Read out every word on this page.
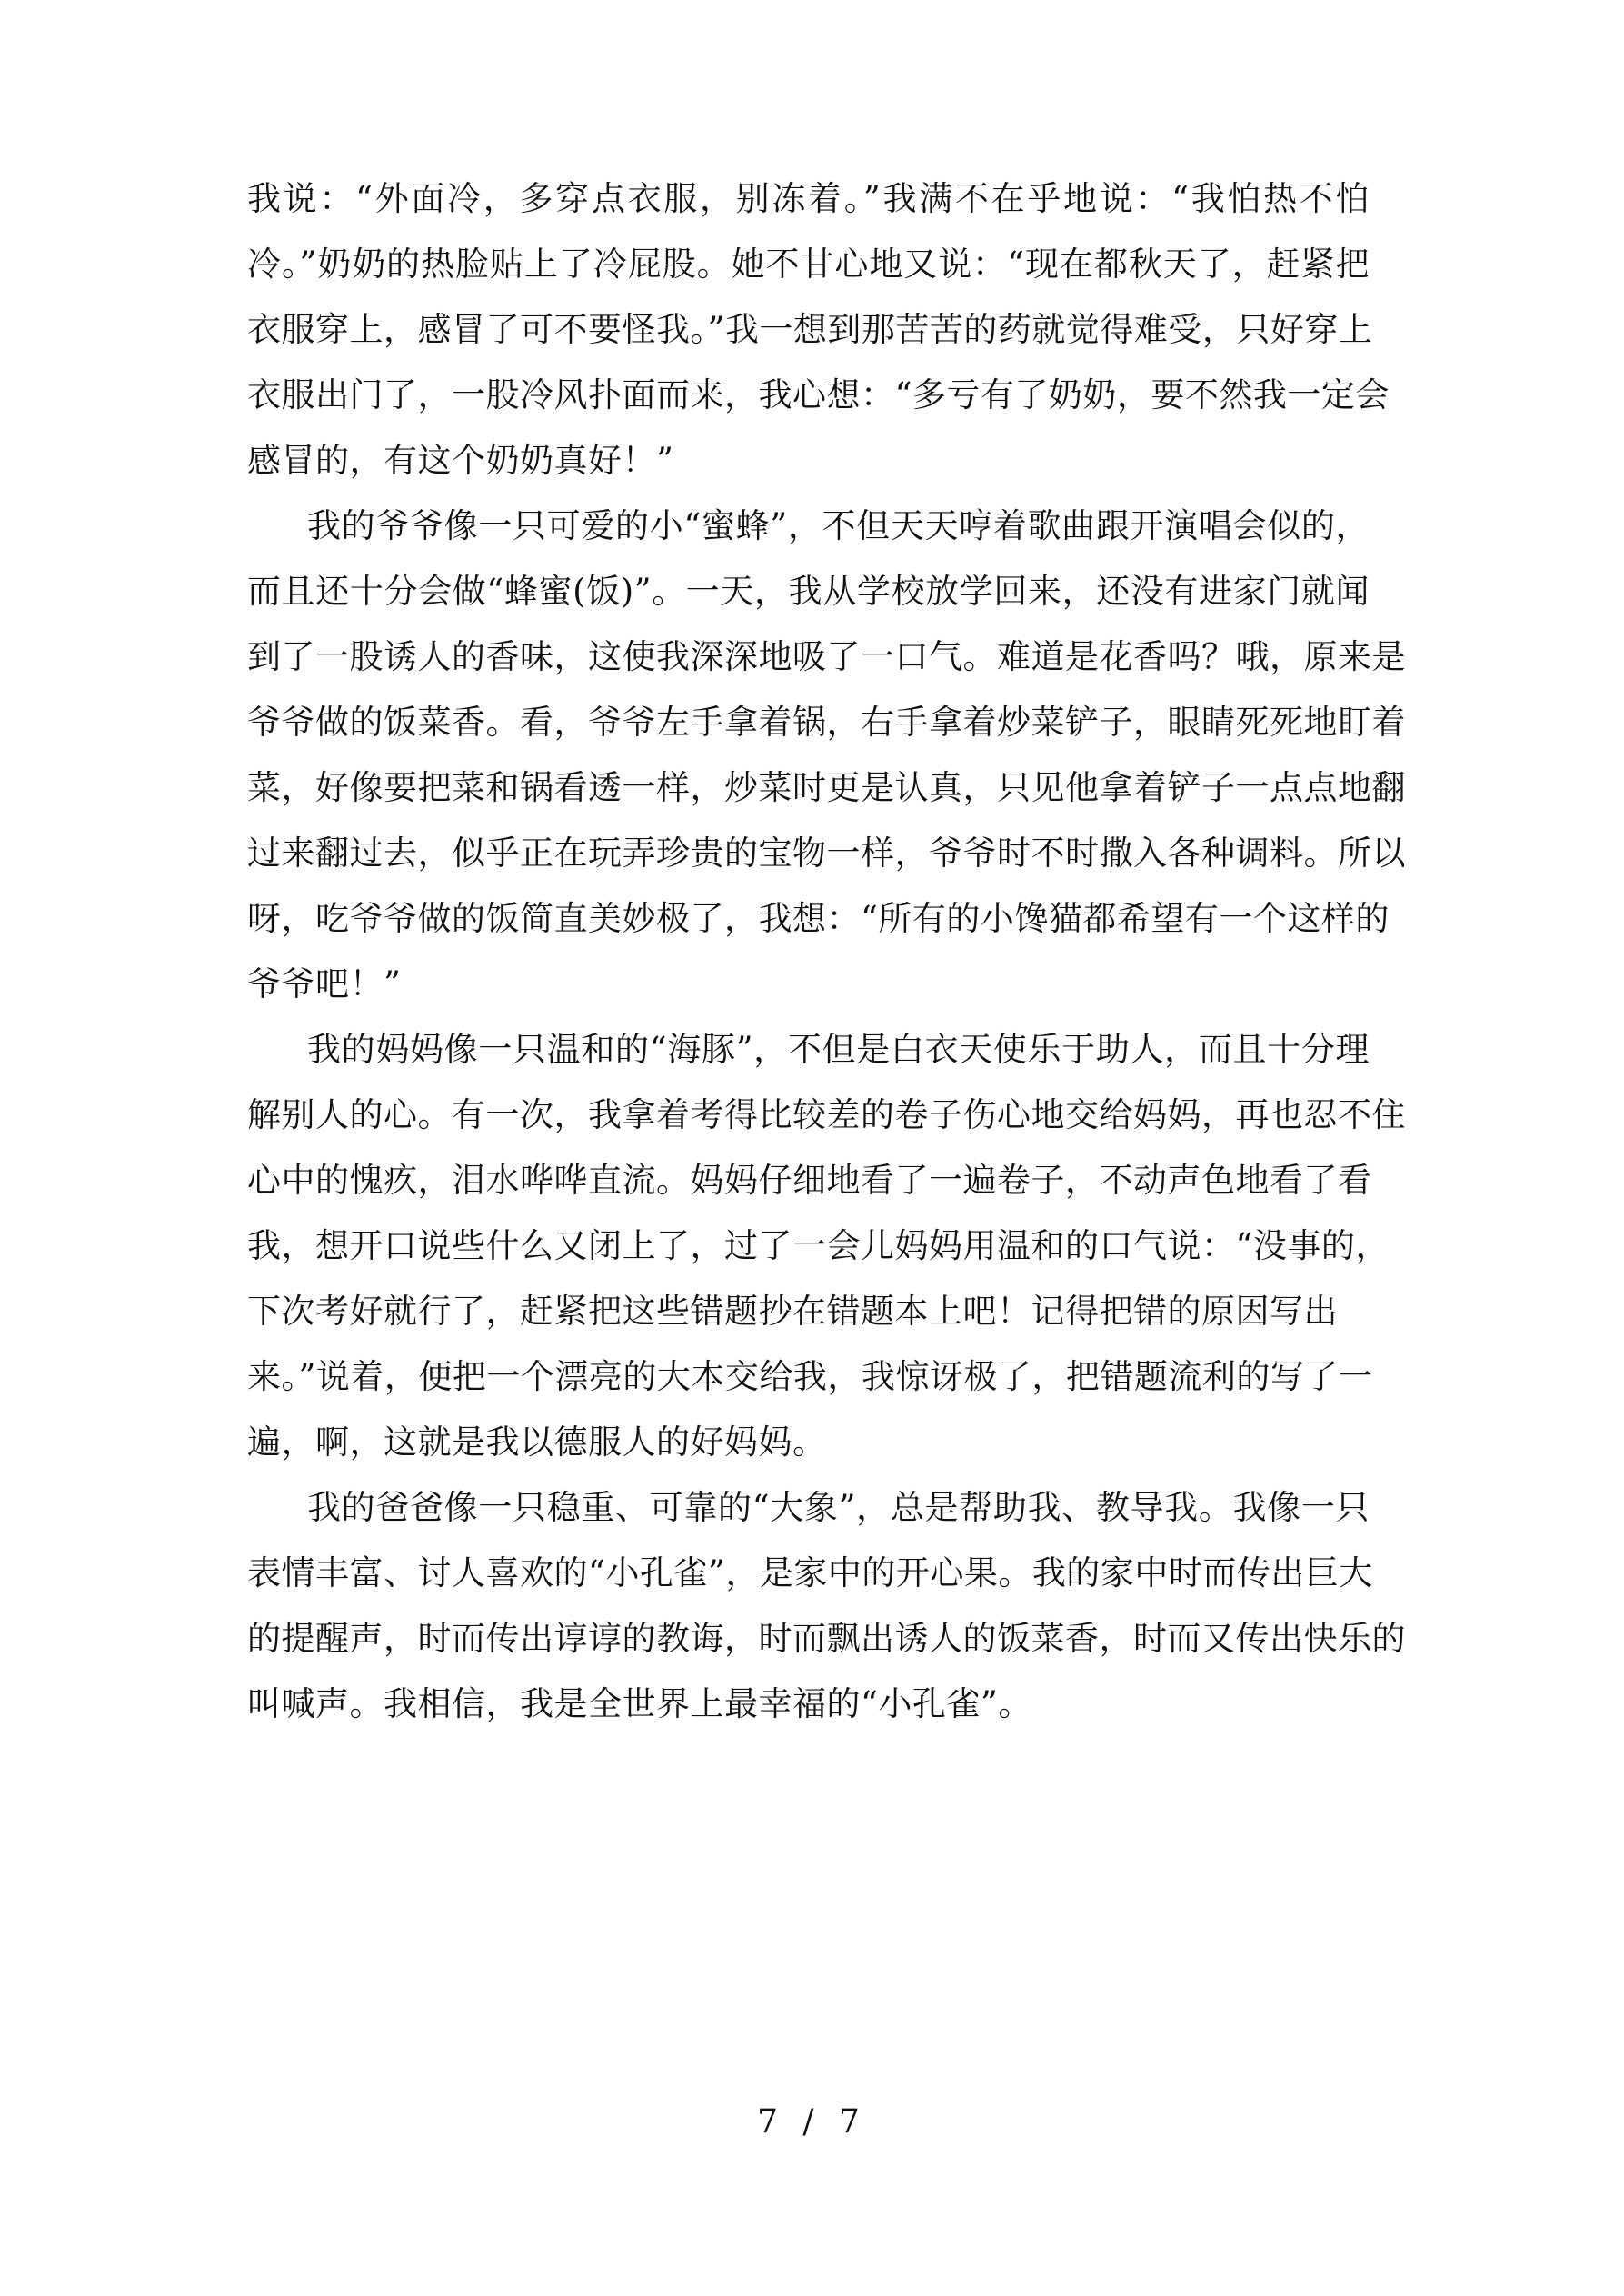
我说：“外面冷，多穿点衣服，别冻着。”我满不在乎地说：“我怕热不怕
冷。”奶奶的热脸贴上了冷屁股。她不甘心地又说：“现在都秋天了，赶紧把
衣服穿上，感冒了可不要怪我。”我一想到那苦苦的药就觉得难受，只好穿上
衣服出门了，一股冷风扑面而来，我心想：“多亏有了奶奶，要不然我一定会
感冒的，有这个奶奶真好！”
我的爷爷像一只可爱的小“蜜蜂”，不但天天哼着歌曲跟开演唱会似的，
而且还十分会做“蜂蜜(饭)”。一天，我从学校放学回来，还没有进家门就闻
到了一股诱人的香味，这使我深深地吸了一口气。难道是花香吗？哦，原来是
爷爷做的饭菜香。看，爷爷左手拿着锅，右手拿着炒菜铲子，眼睛死死地盯着
菜，好像要把菜和锅看透一样，炒菜时更是认真，只见他拿着铲子一点点地翻
过来翻过去，似乎正在玩弄珍贵的宝物一样，爷爷时不时撒入各种调料。所以
呀，吃爷爷做的饭简直美妙极了，我想：“所有的小馋猫都希望有一个这样的
爷爷吧！”
我的妈妈像一只温和的“海豚”，不但是白衣天使乐于助人，而且十分理
解别人的心。有一次，我拿着考得比较差的卷子伤心地交给妈妈，再也忍不住
心中的愧疚，泪水哗哗直流。妈妈仔细地看了一遍卷子，不动声色地看了看
我，想开口说些什么又闭上了，过了一会儿妈妈用温和的口气说：“没事的，
下次考好就行了，赶紧把这些错题抄在错题本上吧！记得把错的原因写出
来。”说着，便把一个漂亮的大本交给我，我惊讶极了，把错题流利的写了一
遍，啊，这就是我以德服人的好妈妈。
我的爸爸像一只稳重、可靠的“大象”，总是帮助我、教导我。我像一只
表情丰富、讨人喜欢的“小孔雀”，是家中的开心果。我的家中时而传出巨大
的提醒声，时而传出谆谆的教诲，时而飘出诱人的饭菜香，时而又传出快乐的
叫喊声。我相信，我是全世界上最幸福的“小孔雀”。
7 / 7
